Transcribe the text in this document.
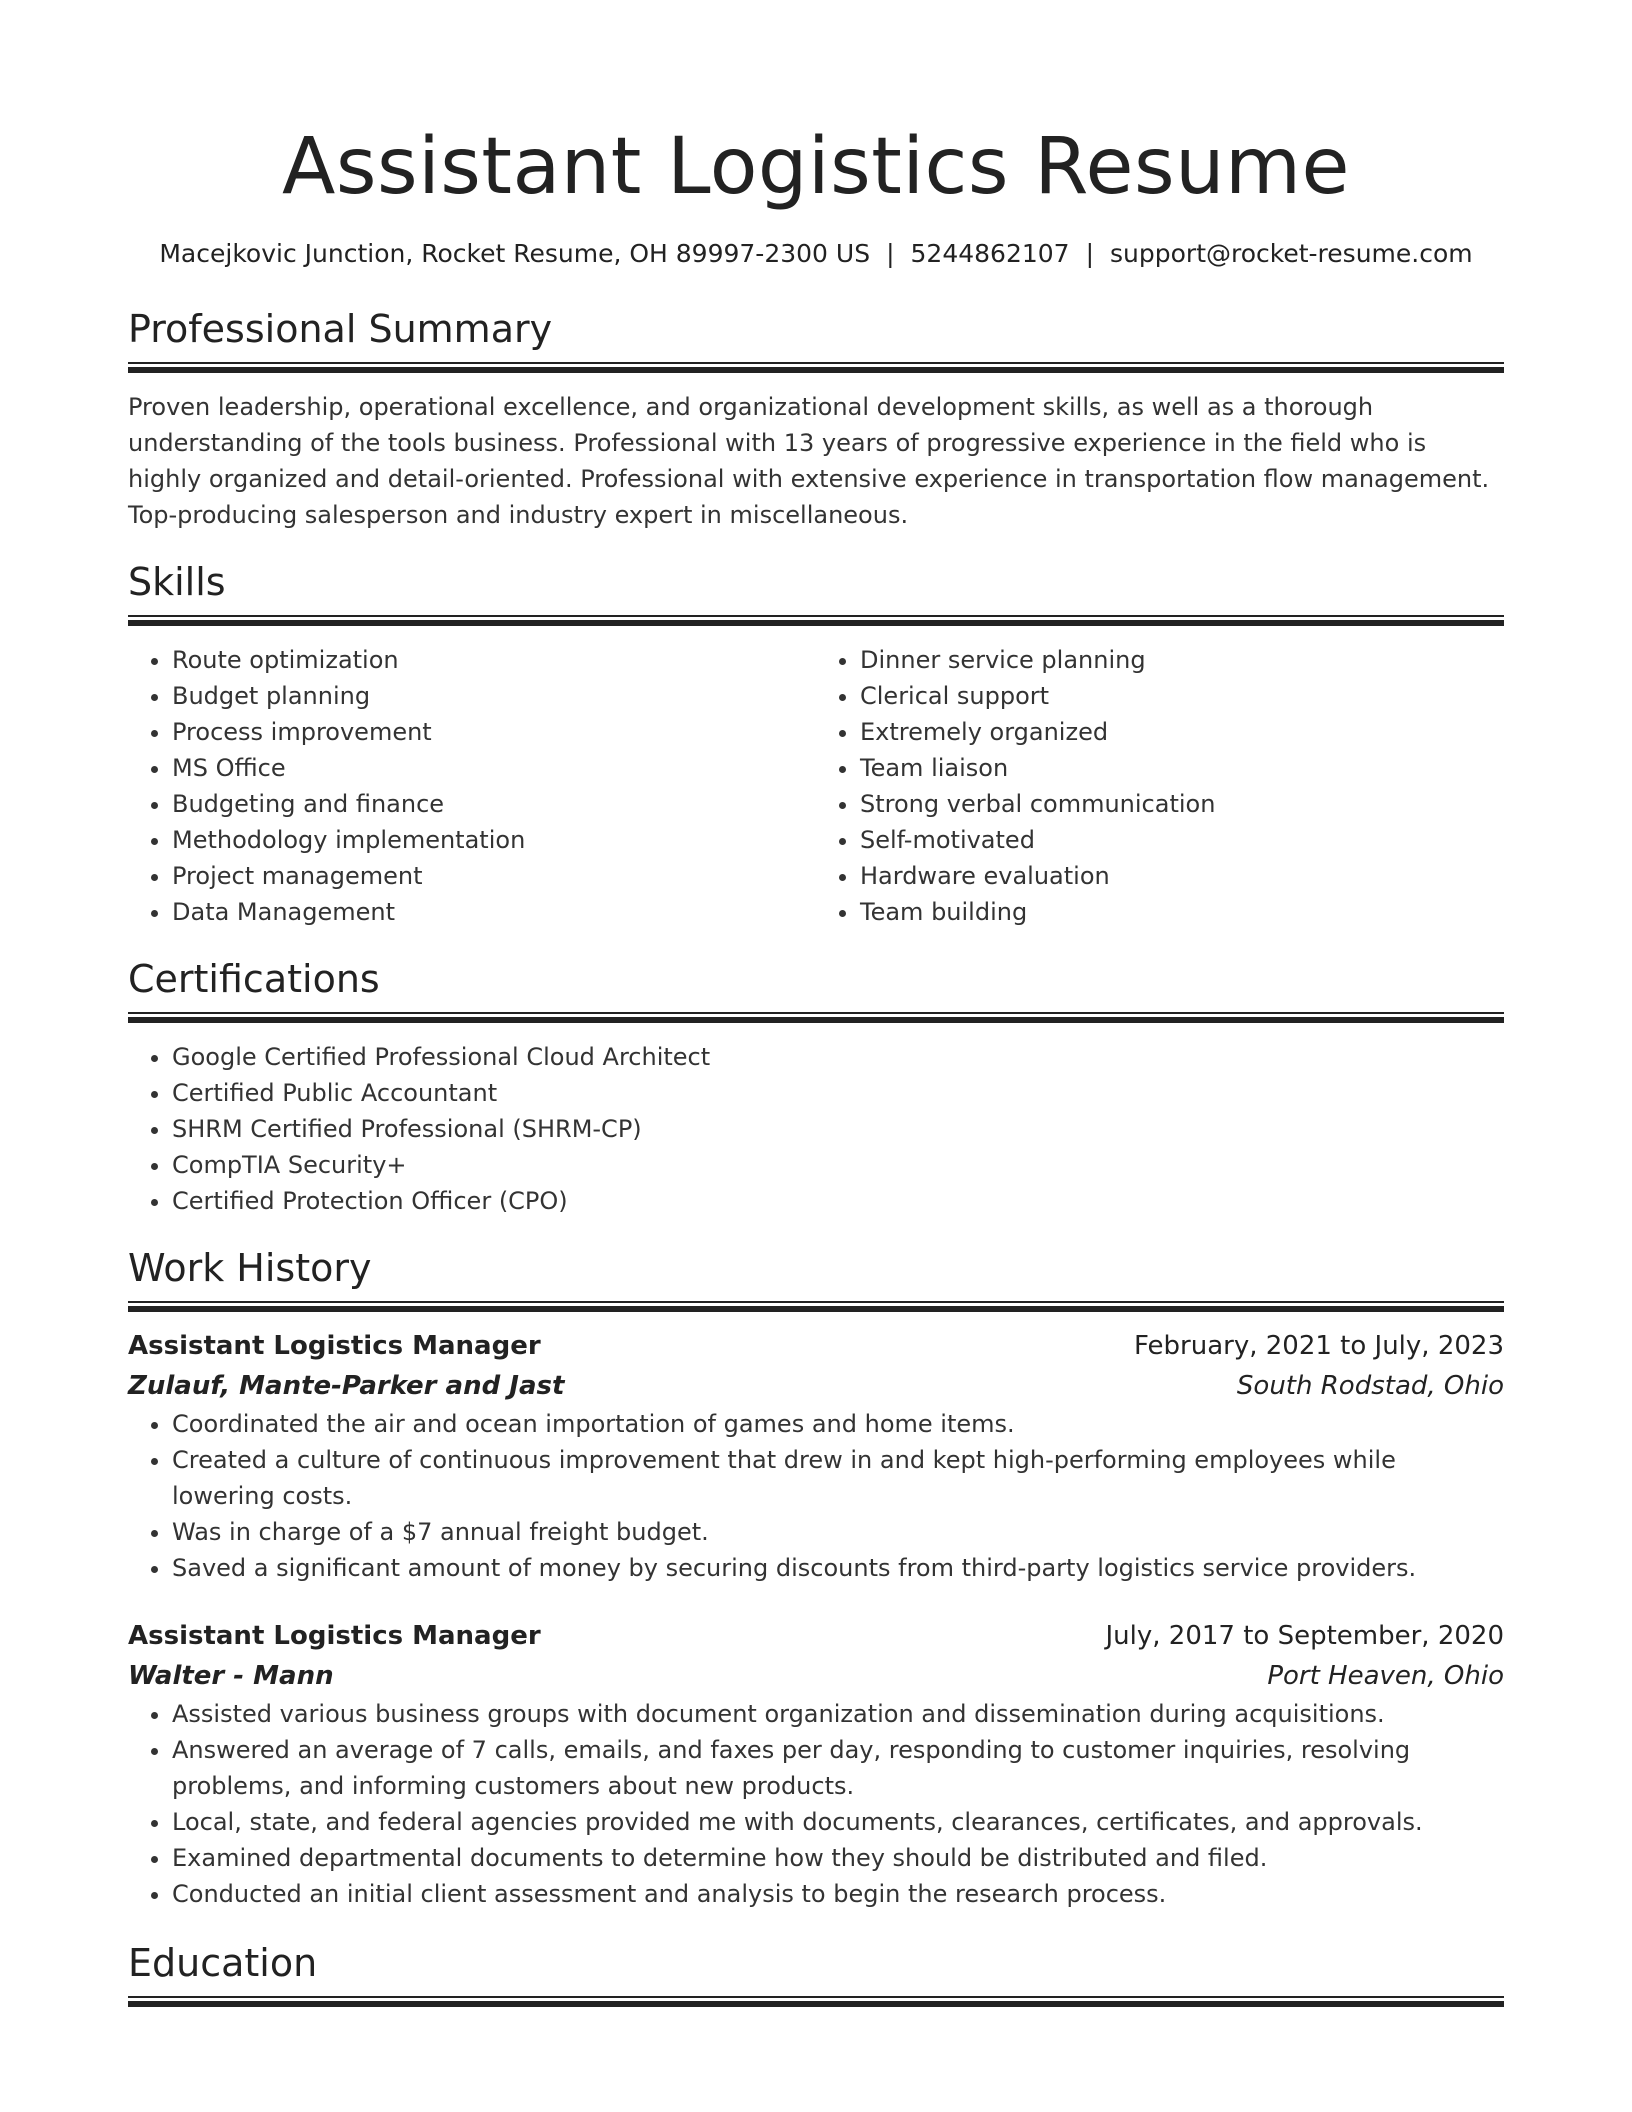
Assistant Logistics Resume
Macejkovic Junction, Rocket Resume, OH 89997-2300 US | 5244862107 | support@rocket-resume.com
Professional Summary

Proven leadership, operational excellence, and organizational development skills, as well as a thorough understanding of the tools business. Professional with 13 years of progressive experience in the field who is highly organized and detail-oriented. Professional with extensive experience in transportation flow management. Top-producing salesperson and industry expert in miscellaneous.

Skills
• Route optimization
• Budget planning
• Process improvement
• MS Office
• Budgeting and finance
• Methodology implementation
• Project management
• Data Management
• Dinner service planning
• Clerical support
• Extremely organized
• Team liaison
• Strong verbal communication
• Self-motivated
• Hardware evaluation
• Team building
Certifications
• Google Certified Professional Cloud Architect
• Certified Public Accountant
• SHRM Certified Professional (SHRM-CP)
• CompTIA Security+
• Certified Protection Officer (CPO)
Work History
Assistant Logistics Manager	February, 2021 to July, 2023
Zulauf, Mante-Parker and Jast	South Rodstad, Ohio
• Coordinated the air and ocean importation of games and home items.
• Created a culture of continuous improvement that drew in and kept high-performing employees while lowering costs.
• Was in charge of a $7 annual freight budget.
• Saved a significant amount of money by securing discounts from third-party logistics service providers.
Assistant Logistics Manager	July, 2017 to September, 2020
Walter - Mann	Port Heaven, Ohio
• Assisted various business groups with document organization and dissemination during acquisitions.
• Answered an average of 7 calls, emails, and faxes per day, responding to customer inquiries, resolving problems, and informing customers about new products.
• Local, state, and federal agencies provided me with documents, clearances, certificates, and approvals.
• Examined departmental documents to determine how they should be distributed and filed.
• Conducted an initial client assessment and analysis to begin the research process.
Education
